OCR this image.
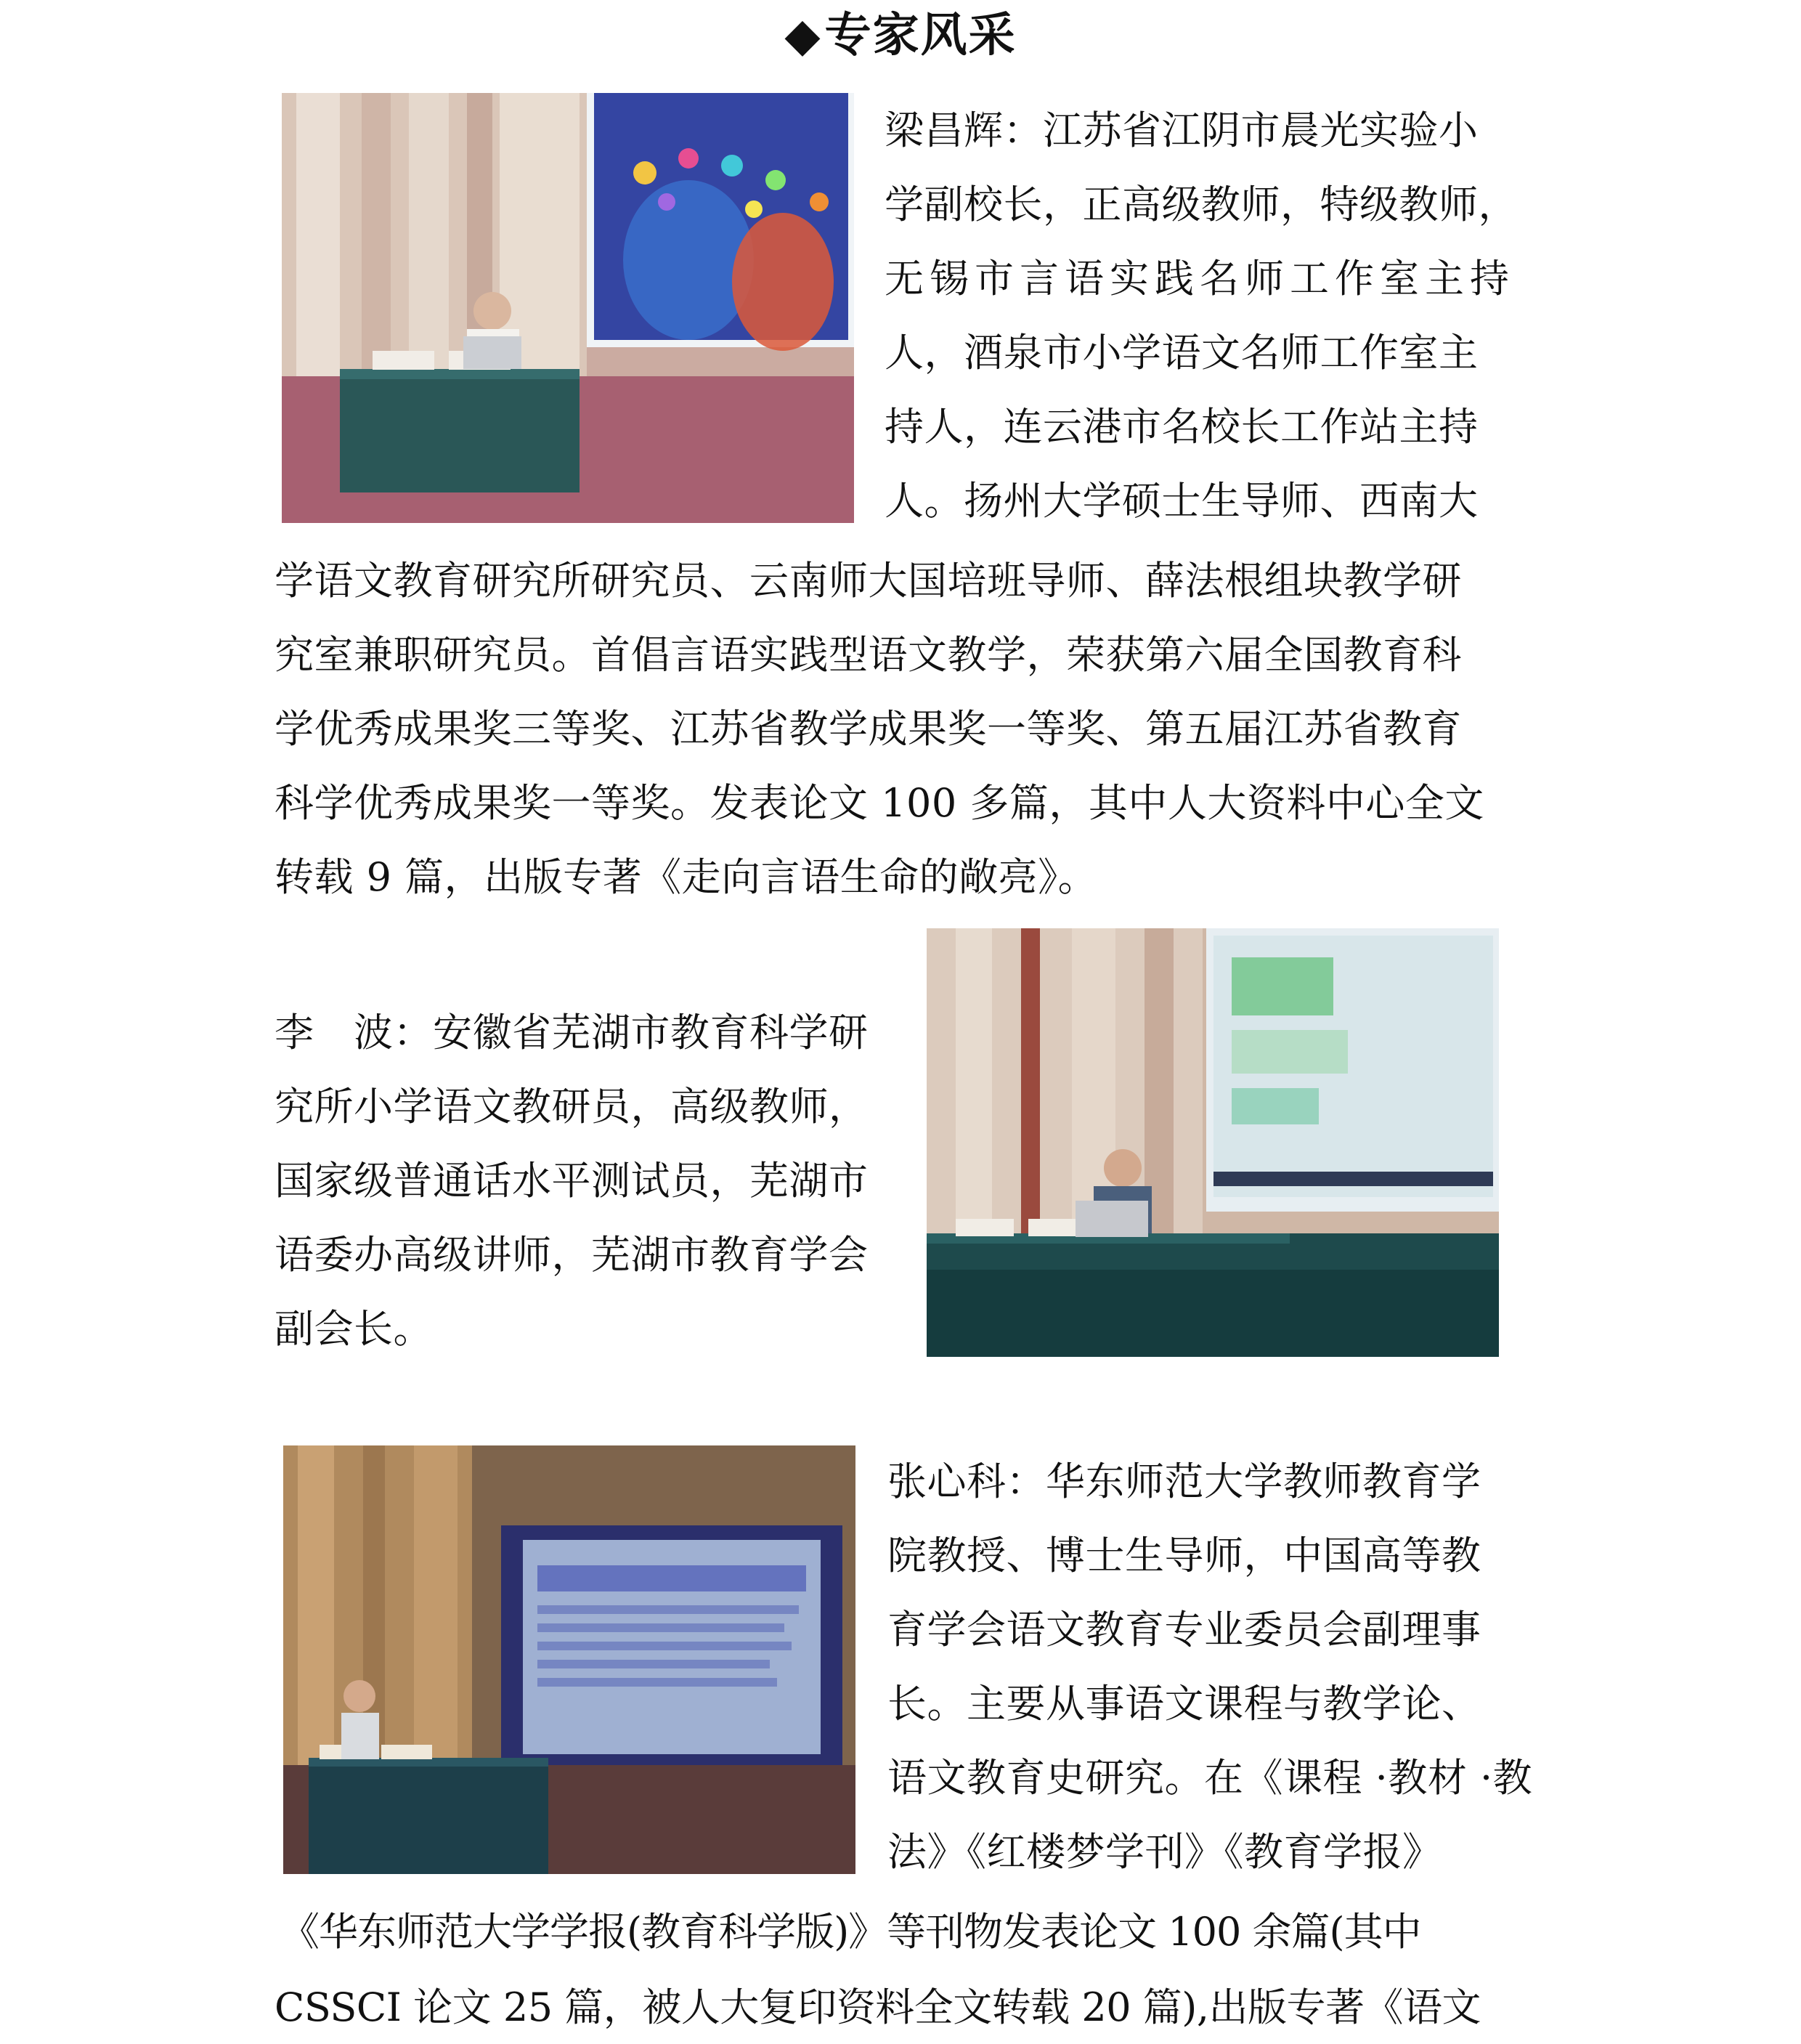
◆专家风采
梁昌辉：江苏省江阴市晨光实验小
学副校长，正高级教师，特级教师，
无锡市言语实践名师工作室主持
人，酒泉市小学语文名师工作室主
持人，连云港市名校长工作站主持
人。扬州大学硕士生导师、西南大
学语文教育研究所研究员、云南师大国培班导师、薛法根组块教学研
究室兼职研究员。首倡言语实践型语文教学，荣获第六届全国教育科
学优秀成果奖三等奖、江苏省教学成果奖一等奖、第五届江苏省教育
科学优秀成果奖一等奖。发表论文 100 多篇，其中人大资料中心全文
转载 9 篇，出版专著《走向言语生命的敞亮》。
李　波：安徽省芜湖市教育科学研
究所小学语文教研员，高级教师，
国家级普通话水平测试员，芜湖市
语委办高级讲师，芜湖市教育学会
副会长。
张心科：华东师范大学教师教育学
院教授、博士生导师，中国高等教
育学会语文教育专业委员会副理事
长。主要从事语文课程与教学论、
语文教育史研究。在《课程 ·教材 ·教
法》《红楼梦学刊》《教育学报》
《华东师范大学学报(教育科学版)》等刊物发表论文 100 余篇(其中
CSSCI 论文 25 篇，被人大复印资料全文转载 20 篇),出版专著《语文
